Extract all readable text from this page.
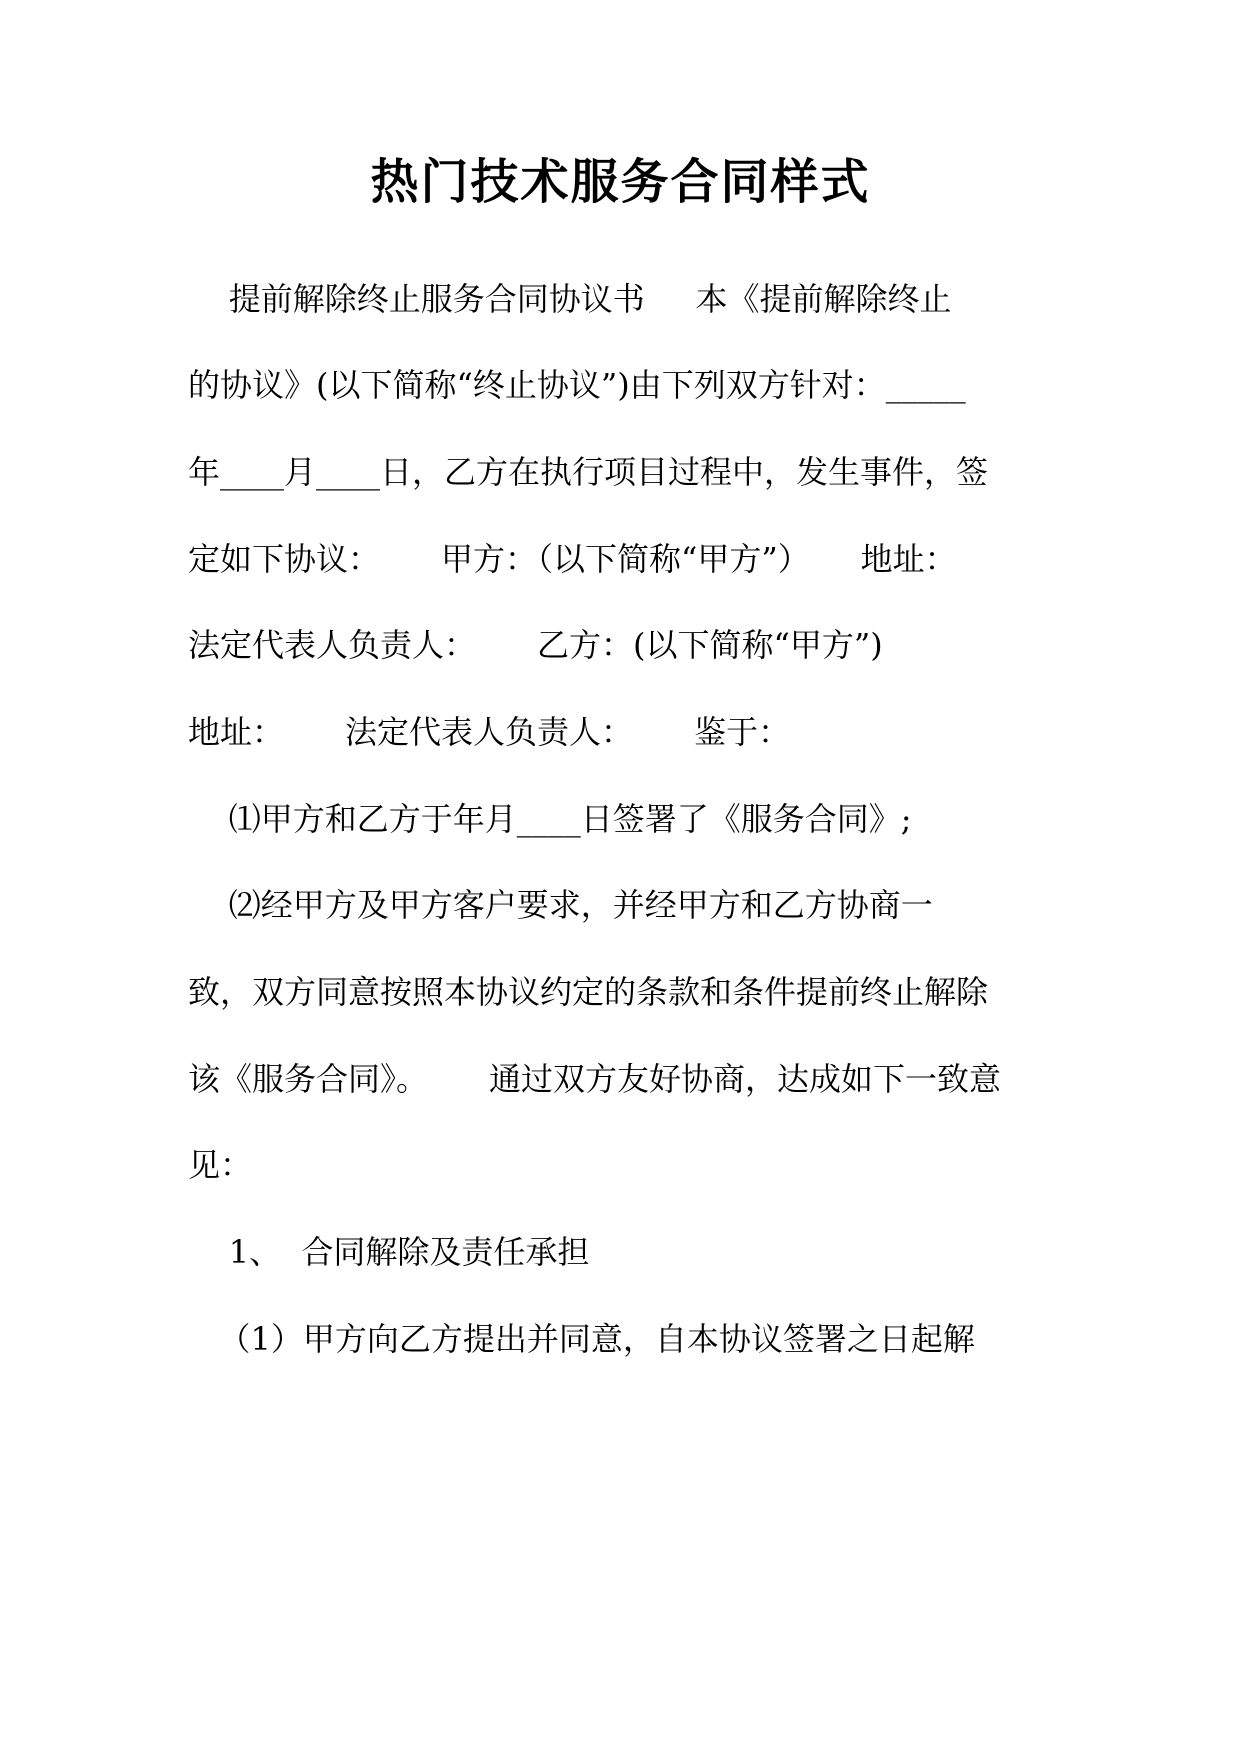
热门技术服务合同样式
提前解除终止服务合同协议书     本《提前解除终止
的协议》(以下简称“终止协议”)由下列双方针对：_____
年____月____日，乙方在执行项目过程中，发生事件，签
定如下协议：      甲方：（以下简称“甲方”）     地址：
法定代表人负责人：      乙方：(以下简称“甲方”)
地址：      法定代表人负责人：      鉴于：
⑴甲方和乙方于年月____日签署了《服务合同》;
⑵经甲方及甲方客户要求，并经甲方和乙方协商一
致，双方同意按照本协议约定的条款和条件提前终止解除
该《服务合同》。      通过双方友好协商，达成如下一致意
见：
1、  合同解除及责任承担
（1）甲方向乙方提出并同意，自本协议签署之日起解
